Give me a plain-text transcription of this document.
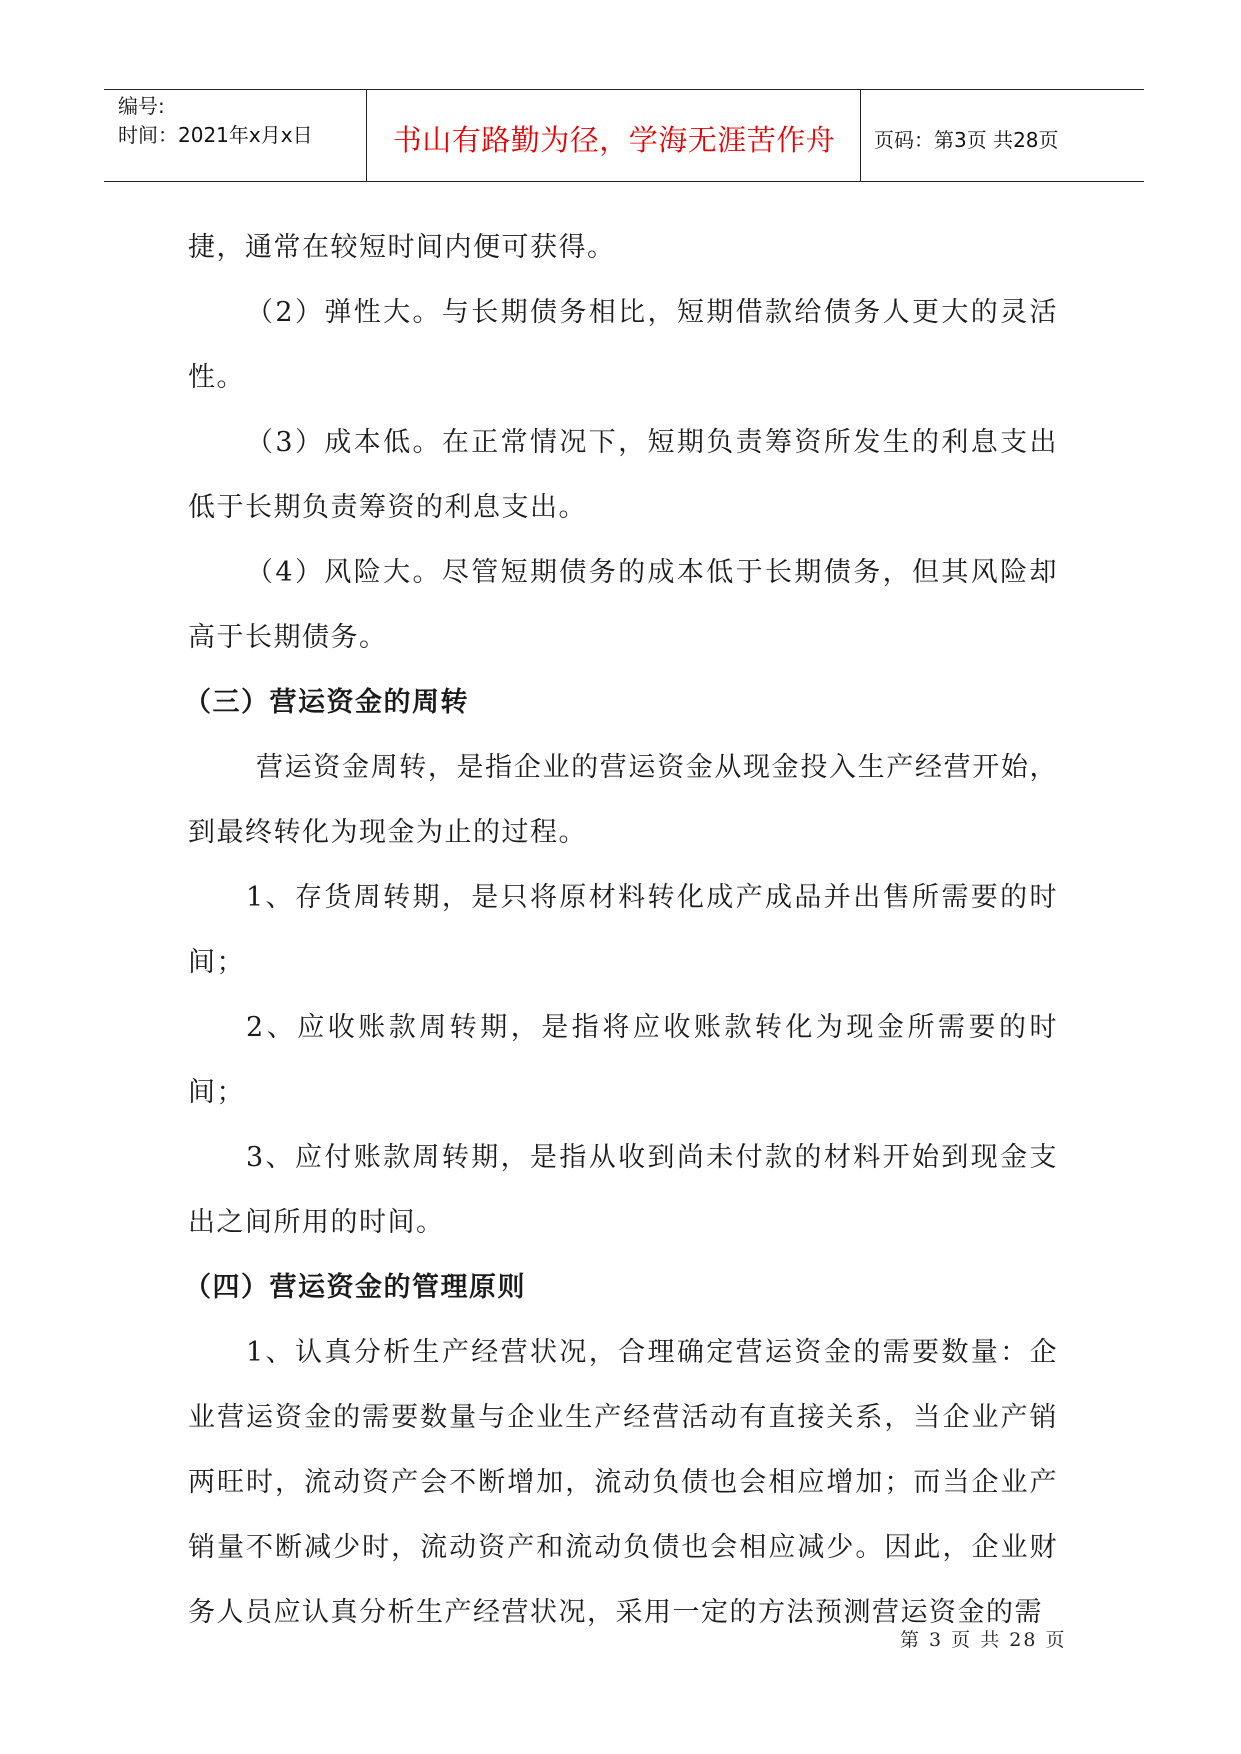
编号:
时间：2021年x月x日	书山有路勤为径，学海无涯苦作舟	页码：第3页 共28页

捷，通常在较短时间内便可获得。

（2）弹性大。与长期债务相比，短期借款给债务人更大的灵活性。

（3）成本低。在正常情况下，短期负责筹资所发生的利息支出低于长期负责筹资的利息支出。

（4）风险大。尽管短期债务的成本低于长期债务，但其风险却高于长期债务。

（三）营运资金的周转

营运资金周转，是指企业的营运资金从现金投入生产经营开始，到最终转化为现金为止的过程。

1、存货周转期，是只将原材料转化成产成品并出售所需要的时间；

2、应收账款周转期，是指将应收账款转化为现金所需要的时间；

3、应付账款周转期，是指从收到尚未付款的材料开始到现金支出之间所用的时间。

（四）营运资金的管理原则

1、认真分析生产经营状况，合理确定营运资金的需要数量：企业营运资金的需要数量与企业生产经营活动有直接关系，当企业产销两旺时，流动资产会不断增加，流动负债也会相应增加；而当企业产销量不断减少时，流动资产和流动负债也会相应减少。因此，企业财务人员应认真分析生产经营状况，采用一定的方法预测营运资金的需

第 3 页 共 28 页
